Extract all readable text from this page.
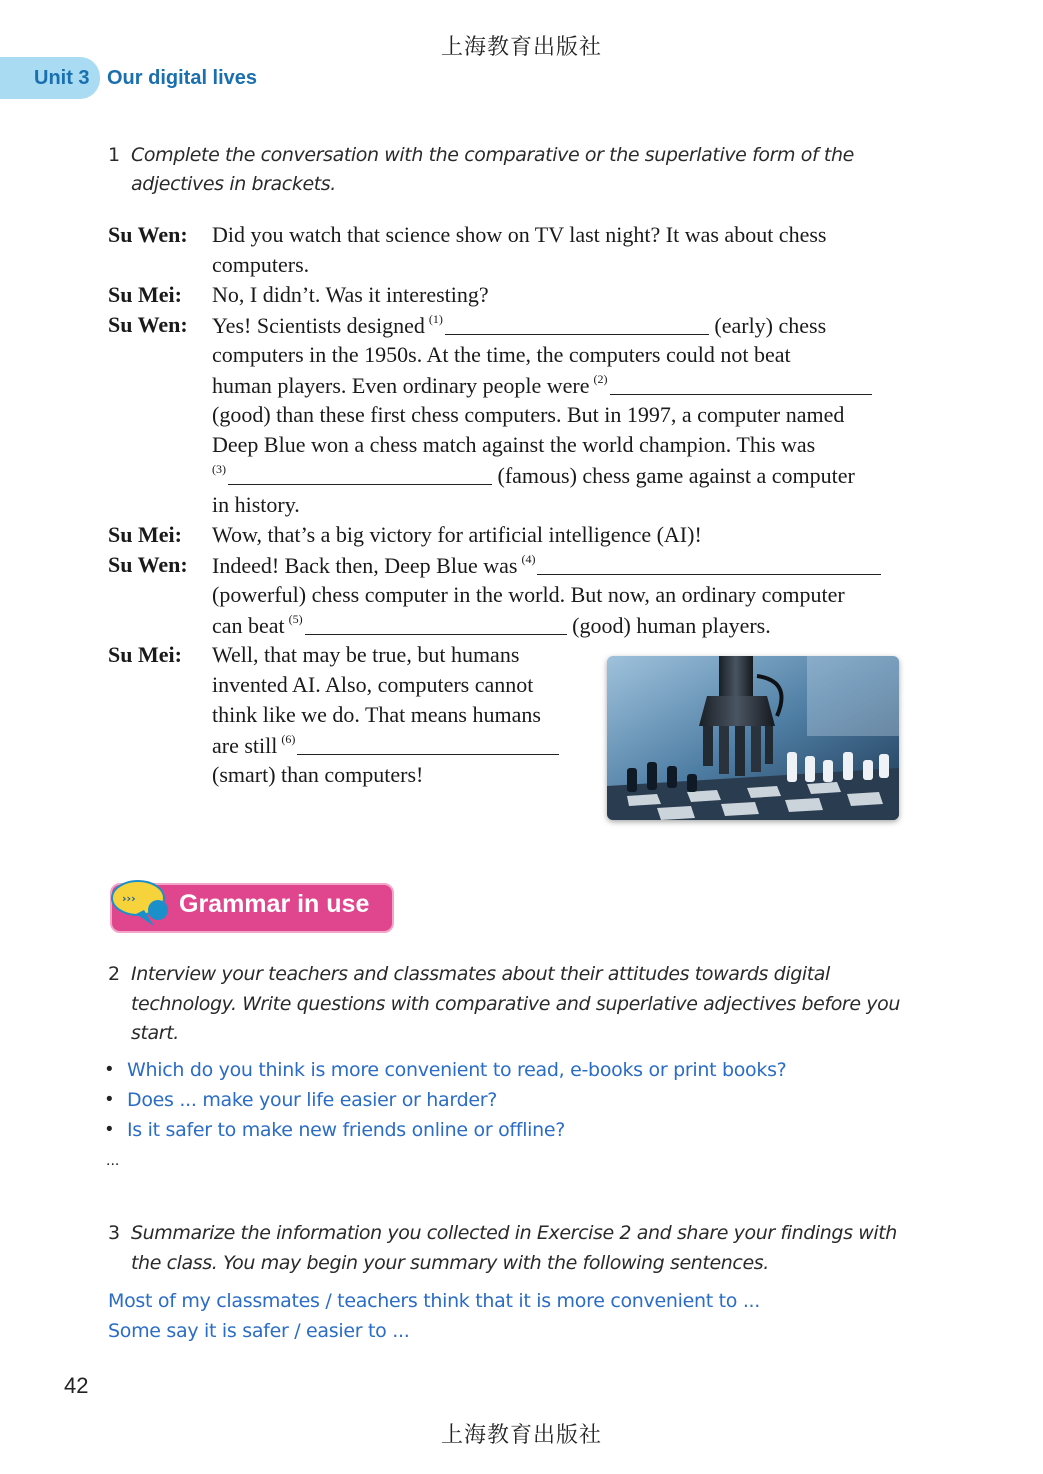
上海教育出版社
Unit 3 Our digital lives
1 Complete the conversation with the comparative or the superlative form of the
adjectives in brackets.
Su Wen: Did you watch that science show on TV last night? It was about chess
computers.
Su Mei: No, I didn’t. Was it interesting?
Su Wen: Yes! Scientists designed $^{(1)}$	(early) chess
computers in the 1950s. At the time, the computers could not beat
human players. Even ordinary people were $^{(2)}$
(good) than these first chess computers. But in 1997, a computer named
Deep Blue won a chess match against the world champion. This was
$^{(3)}$	(famous) chess game against a computer
in history.
Su Mei: Wow, that’s a big victory for artificial intelligence (AI)!
Su Wen: Indeed! Back then, Deep Blue was $^{(4)}$
(powerful) chess computer in the world. But now, an ordinary computer
can beat $^{(5)}$	(good) human players.
Su Mei: Well, that may be true, but humans
invented AI. Also, computers cannot
think like we do. That means humans
are still $^{(6)}$
(smart) than computers!
››› Grammar in use
2 Interview your teachers and classmates about their attitudes towards digital
technology. Write questions with comparative and superlative adjectives before you
start.
• Which do you think is more convenient to read, e-books or print books?
• Does ... make your life easier or harder?
• Is it safer to make new friends online or offline?
...
3 Summarize the information you collected in Exercise 2 and share your findings with
the class. You may begin your summary with the following sentences.
Most of my classmates / teachers think that it is more convenient to ...
Some say it is safer / easier to ...
42
上海教育出版社
